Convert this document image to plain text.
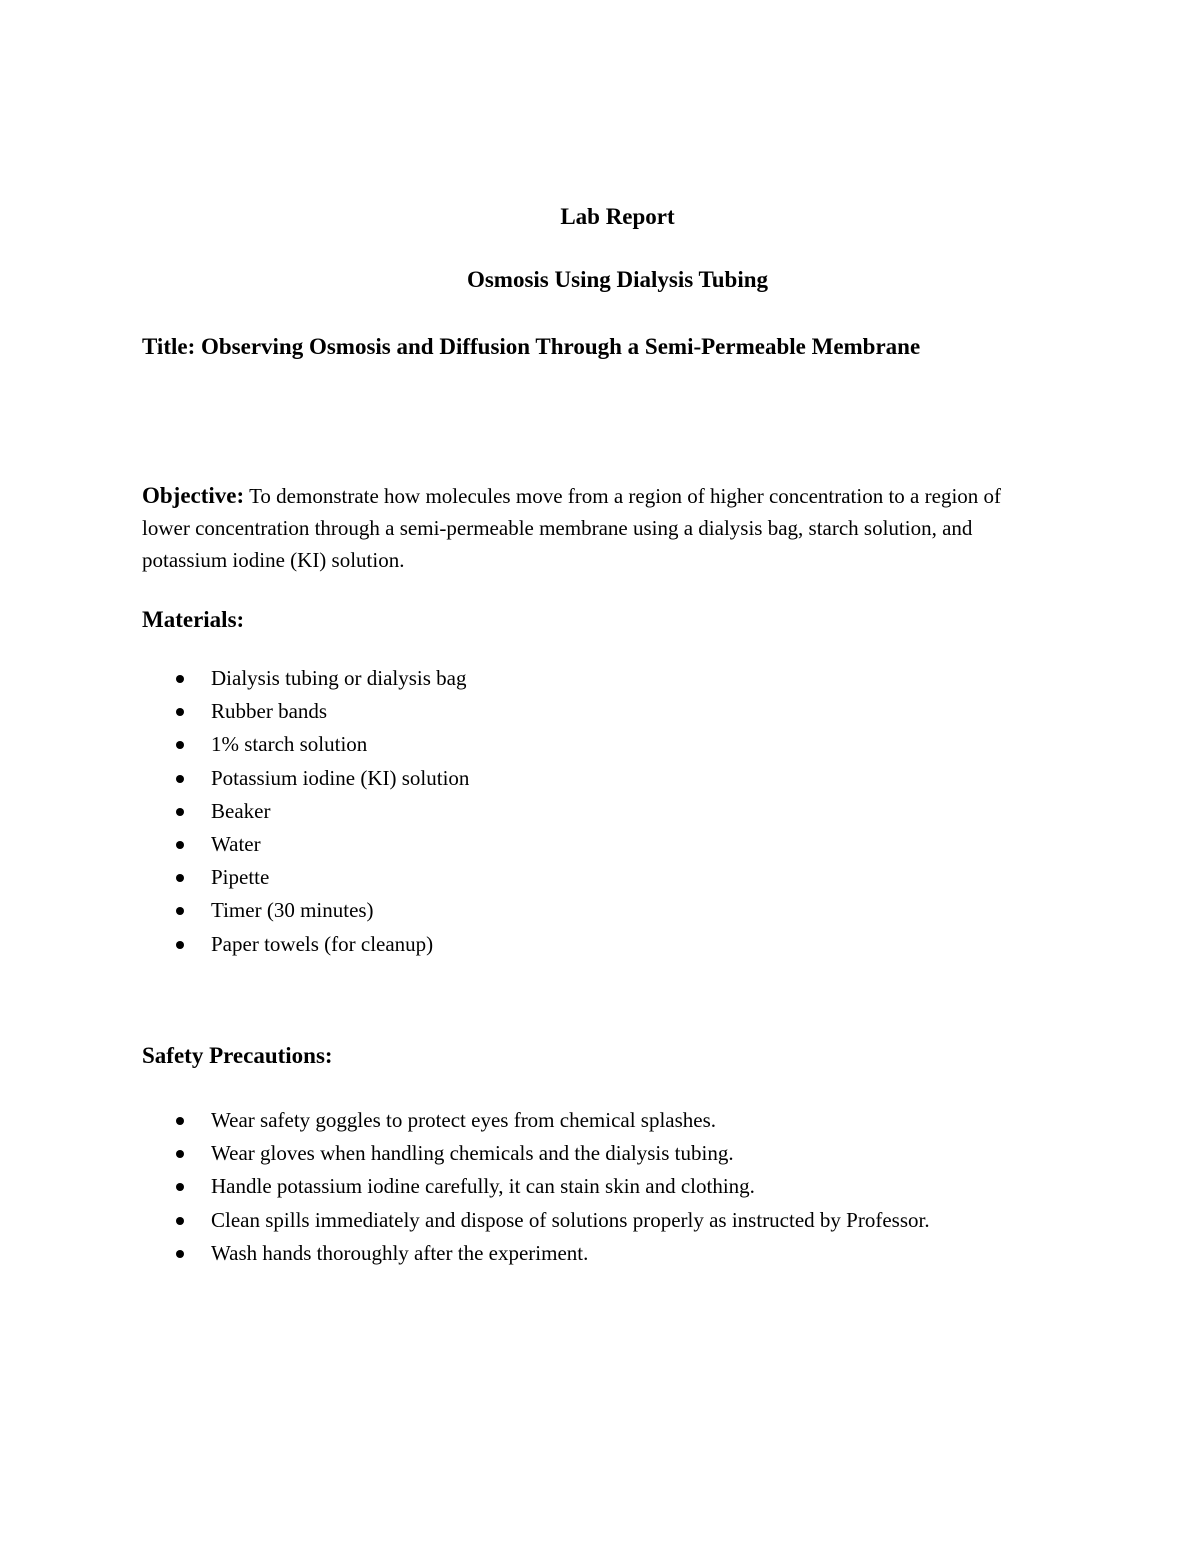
Lab Report
Osmosis Using Dialysis Tubing
Title: Observing Osmosis and Diffusion Through a Semi-Permeable Membrane

Objective: To demonstrate how molecules move from a region of higher concentration to a region of lower concentration through a semi-permeable membrane using a dialysis bag, starch solution, and potassium iodine (KI) solution.

Materials:
Dialysis tubing or dialysis bag
Rubber bands
1% starch solution
Potassium iodine (KI) solution
Beaker
Water
Pipette
Timer (30 minutes)
Paper towels (for cleanup)
Safety Precautions:
Wear safety goggles to protect eyes from chemical splashes.
Wear gloves when handling chemicals and the dialysis tubing.
Handle potassium iodine carefully, it can stain skin and clothing.
Clean spills immediately and dispose of solutions properly as instructed by Professor.
Wash hands thoroughly after the experiment.
